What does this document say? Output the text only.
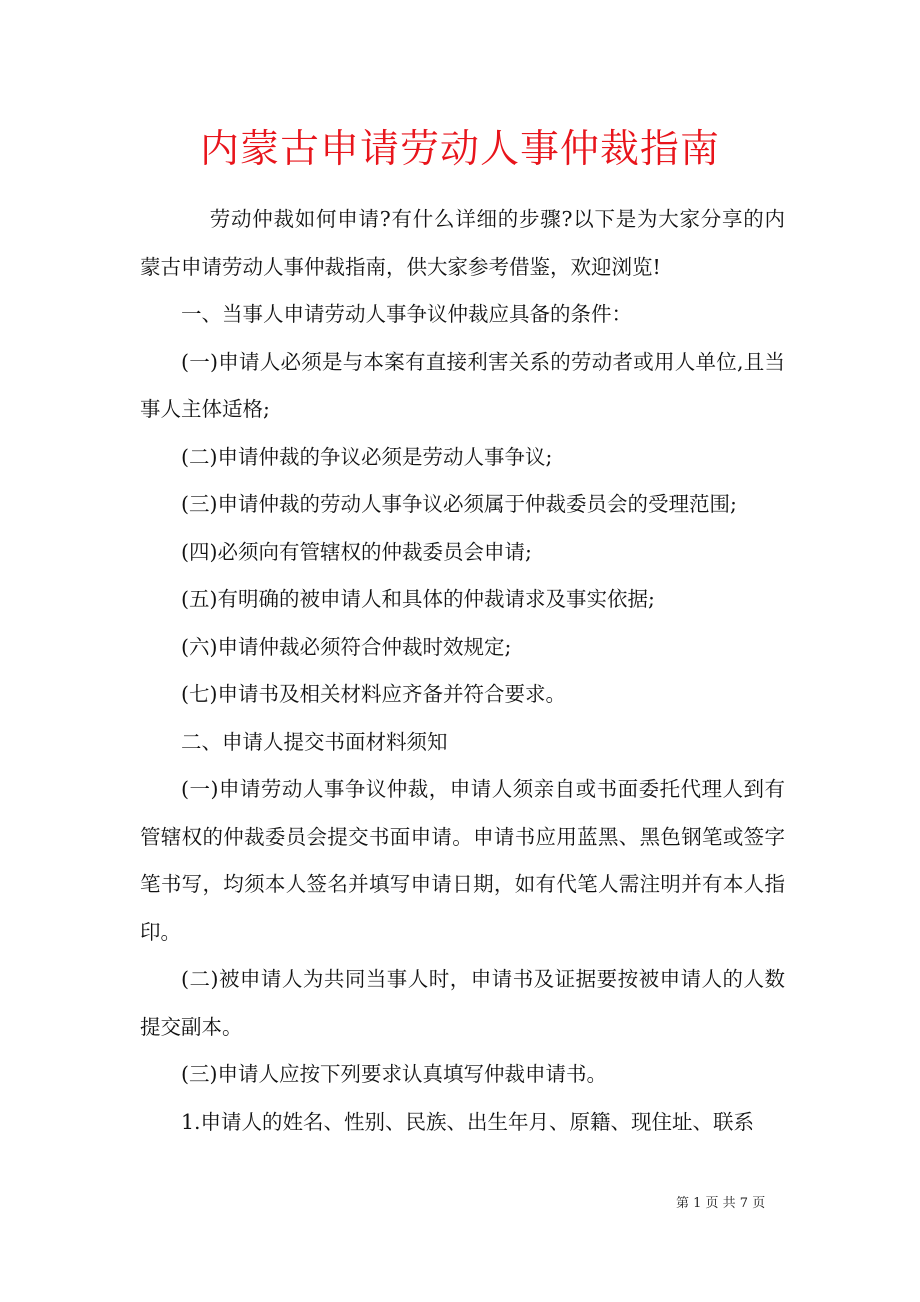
内蒙古申请劳动人事仲裁指南

劳动仲裁如何申请?有什么详细的步骤?以下是为大家分享的内蒙古申请劳动人事仲裁指南，供大家参考借鉴，欢迎浏览!

一、当事人申请劳动人事争议仲裁应具备的条件：

(一)申请人必须是与本案有直接利害关系的劳动者或用人单位,且当事人主体适格;

(二)申请仲裁的争议必须是劳动人事争议;

(三)申请仲裁的劳动人事争议必须属于仲裁委员会的受理范围;

(四)必须向有管辖权的仲裁委员会申请;

(五)有明确的被申请人和具体的仲裁请求及事实依据;

(六)申请仲裁必须符合仲裁时效规定;

(七)申请书及相关材料应齐备并符合要求。

二、申请人提交书面材料须知

(一)申请劳动人事争议仲裁，申请人须亲自或书面委托代理人到有管辖权的仲裁委员会提交书面申请。申请书应用蓝黑、黑色钢笔或签字笔书写，均须本人签名并填写申请日期，如有代笔人需注明并有本人指印。

(二)被申请人为共同当事人时，申请书及证据要按被申请人的人数提交副本。

(三)申请人应按下列要求认真填写仲裁申请书。

1.申请人的姓名、性别、民族、出生年月、原籍、现住址、联系

第 1 页 共 7 页
